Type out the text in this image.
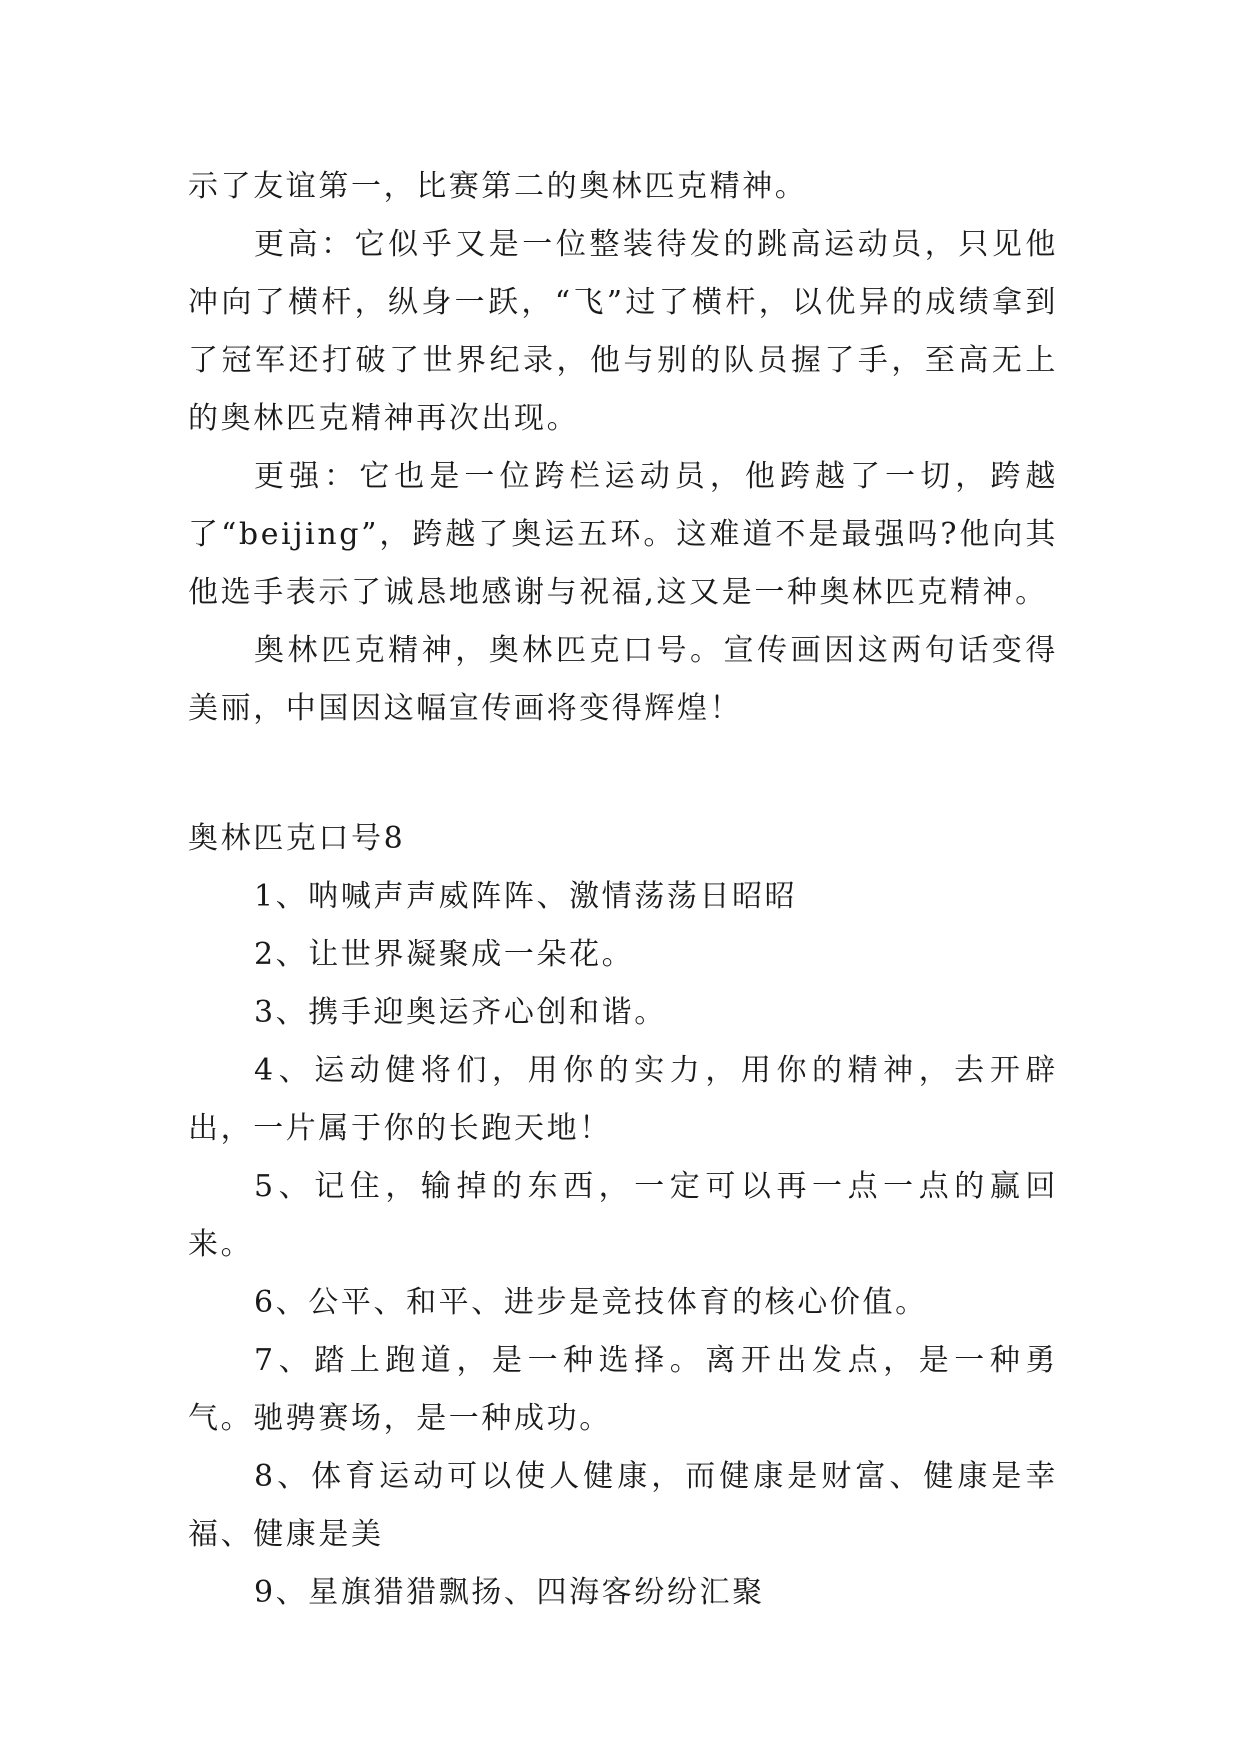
示了友谊第一，比赛第二的奥林匹克精神。

更高：它似乎又是一位整装待发的跳高运动员，只见他冲向了横杆，纵身一跃，“飞”过了横杆，以优异的成绩拿到了冠军还打破了世界纪录，他与别的队员握了手，至高无上的奥林匹克精神再次出现。

更强：它也是一位跨栏运动员，他跨越了一切，跨越了“beijing”，跨越了奥运五环。这难道不是最强吗?他向其他选手表示了诚恳地感谢与祝福,这又是一种奥林匹克精神。

奥林匹克精神，奥林匹克口号。宣传画因这两句话变得美丽，中国因这幅宣传画将变得辉煌！

奥林匹克口号8

1、呐喊声声威阵阵、激情荡荡日昭昭

2、让世界凝聚成一朵花。

3、携手迎奥运齐心创和谐。

4、运动健将们，用你的实力，用你的精神，去开辟出，一片属于你的长跑天地！

5、记住，输掉的东西，一定可以再一点一点的赢回来。

6、公平、和平、进步是竞技体育的核心价值。

7、踏上跑道，是一种选择。离开出发点，是一种勇气。驰骋赛场，是一种成功。

8、体育运动可以使人健康，而健康是财富、健康是幸福、健康是美

9、星旗猎猎飘扬、四海客纷纷汇聚
